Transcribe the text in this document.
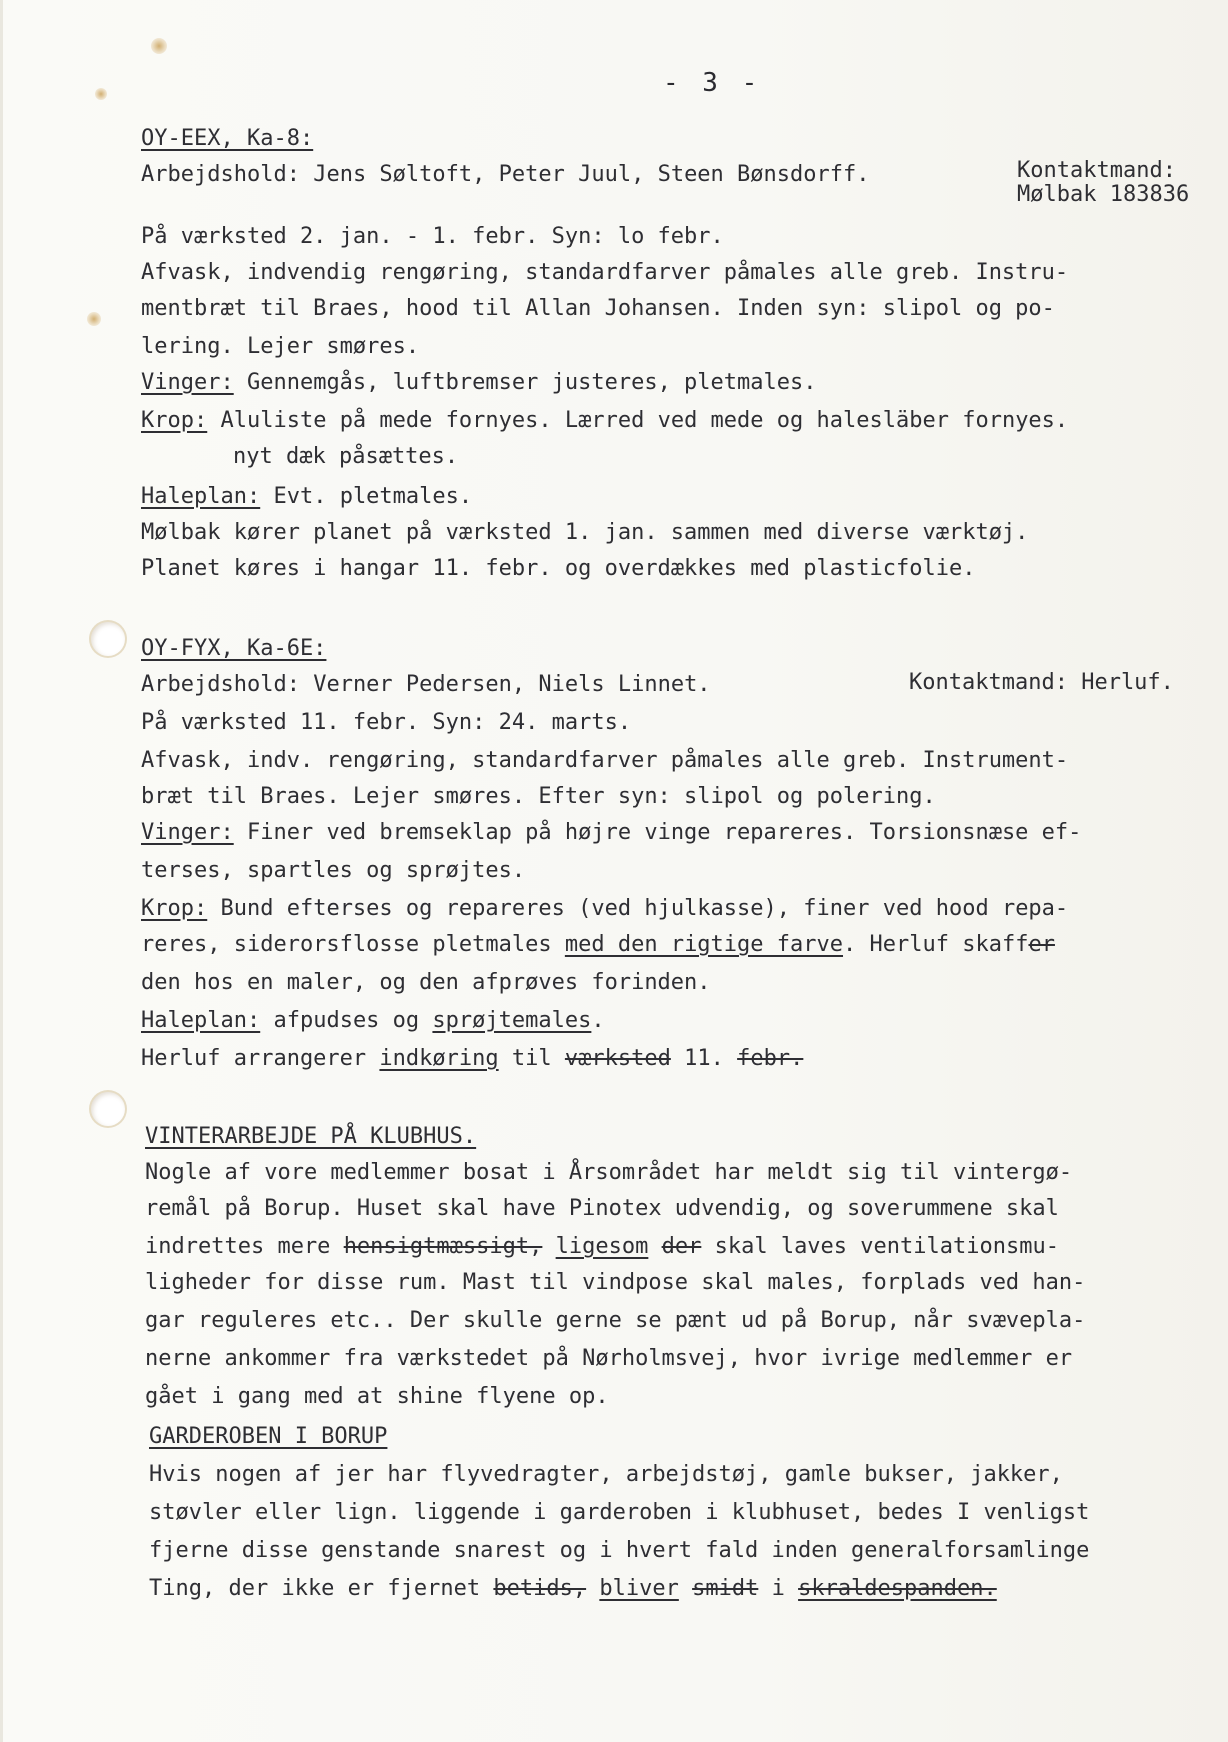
- 3 -
OY-EEX, Ka-8:
Arbejdshold: Jens Søltoft, Peter Juul, Steen Bønsdorff.	Kontaktmand:
Mølbak 183836
På værksted 2. jan. - 1. febr. Syn: lo febr.
Afvask, indvendig rengøring, standardfarver påmales alle greb. Instru-
mentbræt til Braes, hood til Allan Johansen. Inden syn: slipol og po-
lering. Lejer smøres.
Vinger: Gennemgås, luftbremser justeres, pletmales.
Krop: Aluliste på mede fornyes. Lærred ved mede og halesläber fornyes.
nyt dæk påsættes.
Haleplan: Evt. pletmales.
Mølbak kører planet på værksted 1. jan. sammen med diverse værktøj.
Planet køres i hangar 11. febr. og overdækkes med plasticfolie.
OY-FYX, Ka-6E:
Arbejdshold: Verner Pedersen, Niels Linnet.	Kontaktmand: Herluf.
På værksted 11. febr. Syn: 24. marts.
Afvask, indv. rengøring, standardfarver påmales alle greb. Instrument-
bræt til Braes. Lejer smøres. Efter syn: slipol og polering.
Vinger: Finer ved bremseklap på højre vinge repareres. Torsionsnæse ef-
terses, spartles og sprøjtes.
Krop: Bund efterses og repareres (ved hjulkasse), finer ved hood repa-
reres, siderorsflosse pletmales med den rigtige farve. Herluf skaffer
den hos en maler, og den afprøves forinden.
Haleplan: afpudses og sprøjtemales.
Herluf arrangerer indkøring til værksted 11. febr.
VINTERARBEJDE PÅ KLUBHUS.
Nogle af vore medlemmer bosat i Årsområdet har meldt sig til vintergø-
remål på Borup. Huset skal have Pinotex udvendig, og soverummene skal
indrettes mere hensigtmæssigt, ligesom der skal laves ventilationsmu-
ligheder for disse rum. Mast til vindpose skal males, forplads ved han-
gar reguleres etc.. Der skulle gerne se pænt ud på Borup, når svævepla-
nerne ankommer fra værkstedet på Nørholmsvej, hvor ivrige medlemmer er
gået i gang med at shine flyene op.
GARDEROBEN I BORUP
Hvis nogen af jer har flyvedragter, arbejdstøj, gamle bukser, jakker,
støvler eller lign. liggende i garderoben i klubhuset, bedes I venligst
fjerne disse genstande snarest og i hvert fald inden generalforsamlinge
Ting, der ikke er fjernet betids, bliver smidt i skraldespanden.
